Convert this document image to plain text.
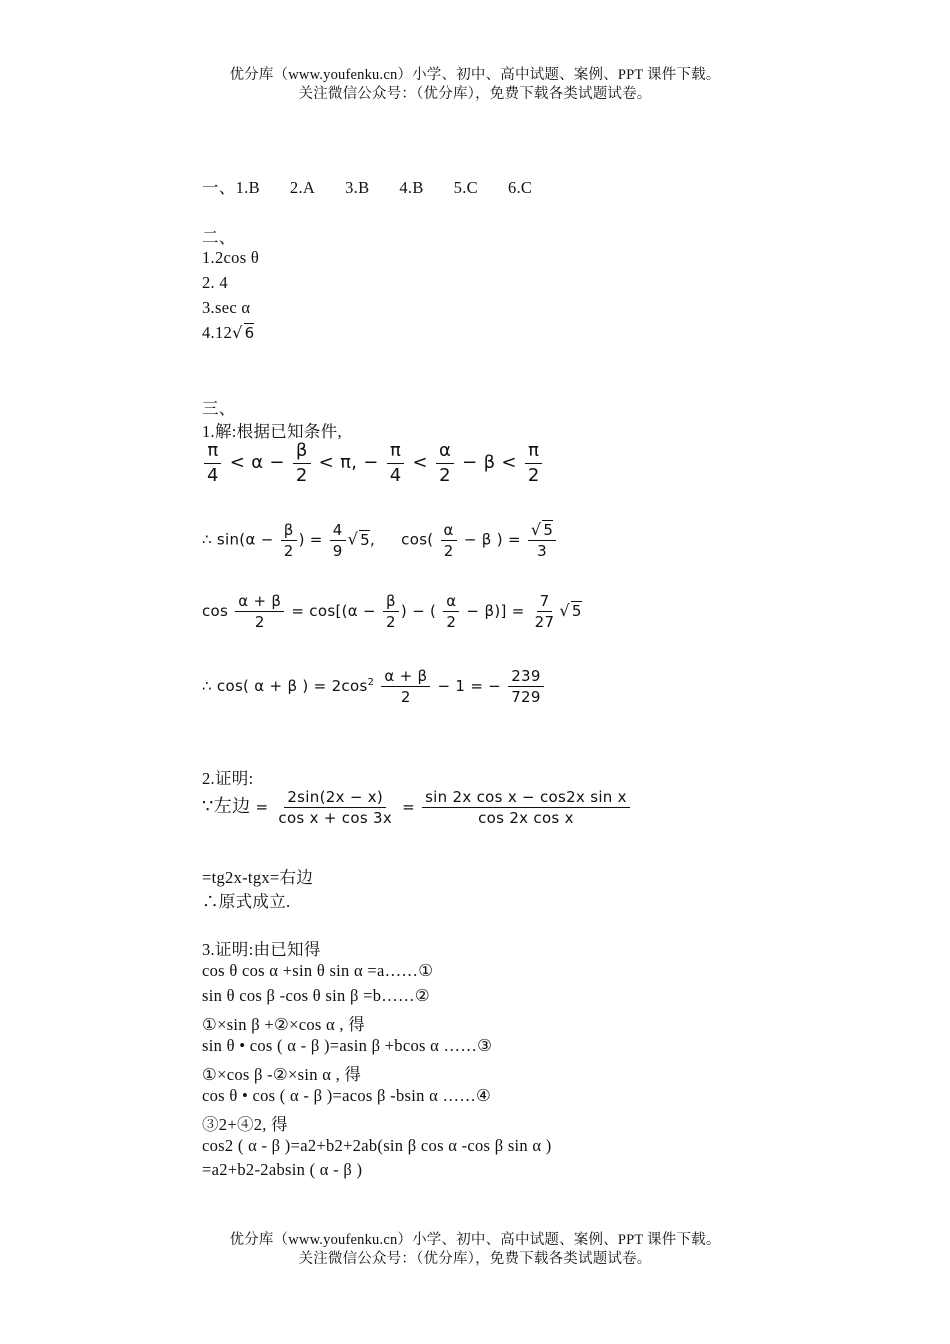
优分库（www.youfenku.cn）小学、初中、高中试题、案例、PPT 课件下载。
关注微信公众号：（优分库），免费下载各类试题试卷。
一、1.B 2.A 3.B 4.B 5.C 6.C
二、
1.2cos θ
2. 4
3.sec α
4.12√ 6
三、
1.解:根据已知条件,
$\frac{\pi}{4} < \alpha - \frac{\beta}{2} < \pi$, − $\frac{\pi}{4} < \frac{\alpha}{2} - \beta < \frac{\pi}{2}$
∴ $\sin(\alpha - \frac{\beta}{2}$ ) = $\frac{4}{9}$ √ 5, $\cos( \frac{\alpha}{2} - \beta$ ) = $\frac{√ 5}{3}$
$\cos \frac{\alpha + \beta}{2} = \cos[(\alpha - \frac{\beta}{2}$ ) − ( $\frac{\alpha}{2} - \beta)] = \frac{7}{27}$ √ 5
∴ cos( α + β ) = $2\cos^2 \frac{\alpha + \beta}{2} - 1$ = − $\frac{239}{729}$
2.证明:
∵左边 = $\frac{2\sin(2x - x)}{\text{cos x + cos 3x}} = \frac{\text{sin 2x cos x − cos2x sin x}}{\text{cos 2x cos x}}$
=tg2x-tgx=右边
∴原式成立.
3.证明:由已知得
cos θ cos α +sin θ sin α =a……①
sin θ cos β -cos θ sin β =b……②
①×sin β +②×cos α , 得
sin θ • cos ( α - β )=asin β +bcos α ……③
①×cos β -②×sin α , 得
cos θ • cos ( α - β )=acos β -bsin α ……④
③2+④2, 得
cos2 ( α - β )=a2+b2+2ab(sin β cos α -cos β sin α )
=a2+b2-2absin ( α - β )
优分库（www.youfenku.cn）小学、初中、高中试题、案例、PPT 课件下载。
关注微信公众号：（优分库），免费下载各类试题试卷。
